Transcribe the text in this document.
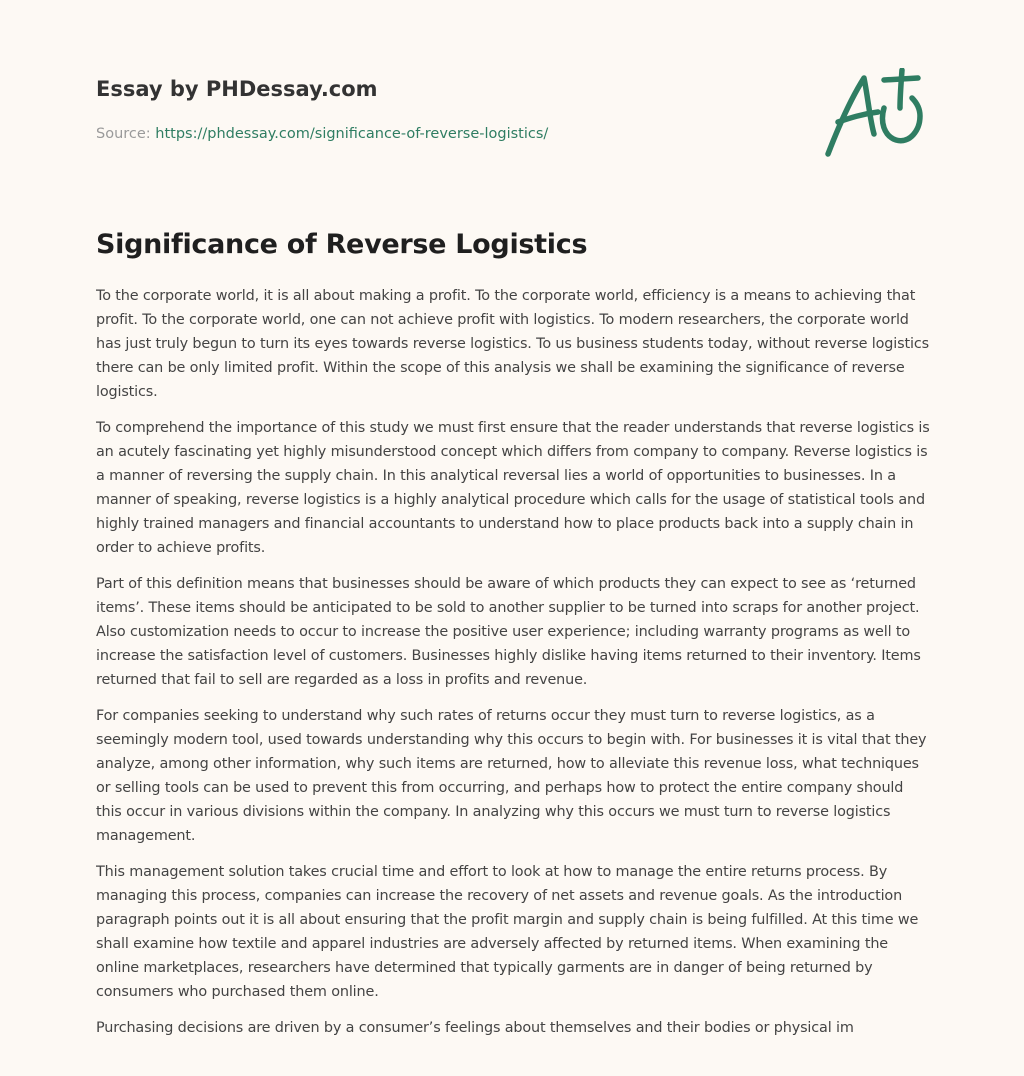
Essay by PHDessay.com
Source: https://phdessay.com/significance-of-reverse-logistics/
Significance of Reverse Logistics

To the corporate world, it is all about making a profit. To the corporate world, efficiency is a means to achieving that profit. To the corporate world, one can not achieve profit with logistics. To modern researchers, the corporate world has just truly begun to turn its eyes towards reverse logistics. To us business students today, without reverse logistics there can be only limited profit. Within the scope of this analysis we shall be examining the significance of reverse logistics.

To comprehend the importance of this study we must first ensure that the reader understands that reverse logistics is an acutely fascinating yet highly misunderstood concept which differs from company to company. Reverse logistics is a manner of reversing the supply chain. In this analytical reversal lies a world of opportunities to businesses. In a manner of speaking, reverse logistics is a highly analytical procedure which calls for the usage of statistical tools and highly trained managers and financial accountants to understand how to place products back into a supply chain in order to achieve profits.

Part of this definition means that businesses should be aware of which products they can expect to see as ‘returned items’. These items should be anticipated to be sold to another supplier to be turned into scraps for another project. Also customization needs to occur to increase the positive user experience; including warranty programs as well to increase the satisfaction level of customers. Businesses highly dislike having items returned to their inventory. Items returned that fail to sell are regarded as a loss in profits and revenue.

For companies seeking to understand why such rates of returns occur they must turn to reverse logistics, as a seemingly modern tool, used towards understanding why this occurs to begin with. For businesses it is vital that they analyze, among other information, why such items are returned, how to alleviate this revenue loss, what techniques or selling tools can be used to prevent this from occurring, and perhaps how to protect the entire company should this occur in various divisions within the company. In analyzing why this occurs we must turn to reverse logistics management.

This management solution takes crucial time and effort to look at how to manage the entire returns process. By managing this process, companies can increase the recovery of net assets and revenue goals. As the introduction paragraph points out it is all about ensuring that the profit margin and supply chain is being fulfilled. At this time we shall examine how textile and apparel industries are adversely affected by returned items. When examining the online marketplaces, researchers have determined that typically garments are in danger of being returned by consumers who purchased them online.

Purchasing decisions are driven by a consumer’s feelings about themselves and their bodies or physical im
